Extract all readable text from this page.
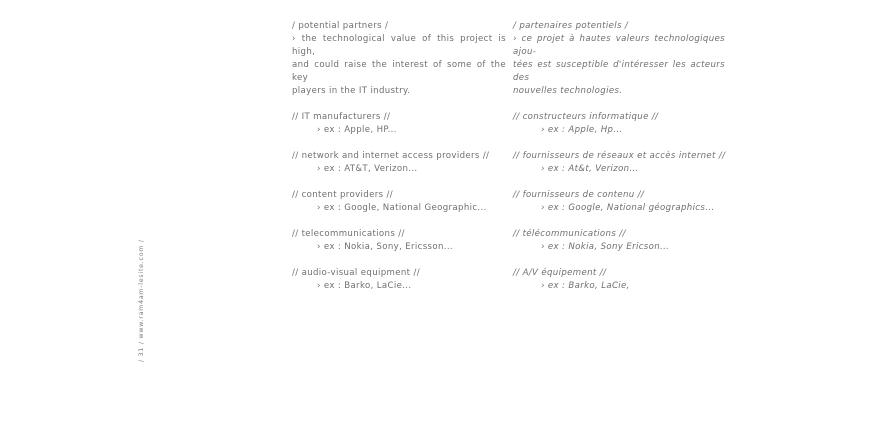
/ potential partners /
› the technological value of this project is high,
and could raise the interest of some of the key
players in the IT industry.
// IT manufacturers //
› ex : Apple, HP...
// network and internet access providers //
› ex : AT&T, Verizon...
// content providers //
› ex : Google, National Geographic...
// telecommunications //
› ex : Nokia, Sony, Ericsson...
// audio-visual equipment //
› ex : Barko, LaCie...
/ partenaires potentiels /
› ce projet à hautes valeurs technologiques ajou-
tées est susceptible d'intéresser les acteurs des
nouvelles technologies.
// constructeurs informatique //
› ex : Apple, Hp...
// fournisseurs de réseaux et accès internet //
› ex : At&t, Verizon...
// fournisseurs de contenu //
› ex : Google, National géographics...
// télécommunications //
› ex : Nokia, Sony Ericson...
// A/V équipement //
› ex : Barko, LaCie,
/ 31 / www.ram4am-lesite.com /
